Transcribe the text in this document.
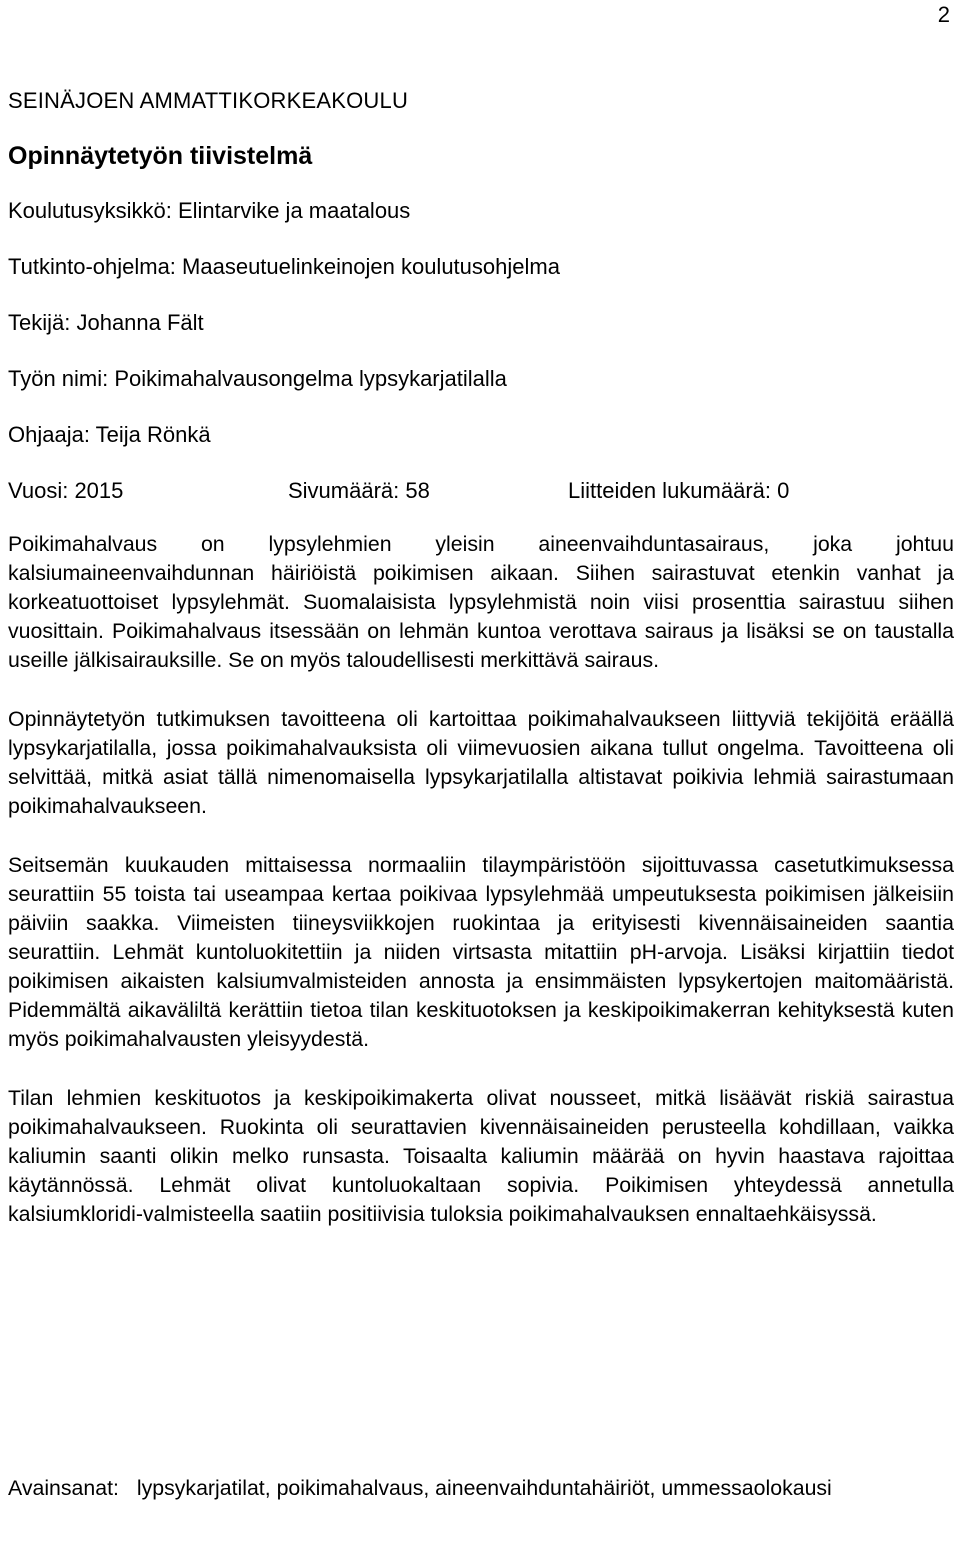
2

SEINÄJOEN AMMATTIKORKEAKOULU

Opinnäytetyön tiivistelmä

Koulutusyksikkö: Elintarvike ja maatalous

Tutkinto-ohjelma: Maaseutuelinkeinojen koulutusohjelma

Tekijä: Johanna Fält

Työn nimi: Poikimahalvausongelma lypsykarjatilalla

Ohjaaja: Teija Rönkä

Vuosi: 2015	Sivumäärä: 58	Liitteiden lukumäärä: 0

Poikimahalvaus on lypsylehmien yleisin aineenvaihduntasairaus, joka johtuu kalsiumaineenvaihdunnan häiriöistä poikimisen aikaan. Siihen sairastuvat etenkin vanhat ja korkeatuottoiset lypsylehmät. Suomalaisista lypsylehmistä noin viisi prosenttia sairastuu siihen vuosittain. Poikimahalvaus itsessään on lehmän kuntoa verottava sairaus ja lisäksi se on taustalla useille jälkisairauksille. Se on myös taloudellisesti merkittävä sairaus.

Opinnäytetyön tutkimuksen tavoitteena oli kartoittaa poikimahalvaukseen liittyviä tekijöitä eräällä lypsykarjatilalla, jossa poikimahalvauksista oli viimevuosien aikana tullut ongelma. Tavoitteena oli selvittää, mitkä asiat tällä nimenomaisella lypsykarjatilalla altistavat poikivia lehmiä sairastumaan poikimahalvaukseen.

Seitsemän kuukauden mittaisessa normaaliin tilaympäristöön sijoittuvassa casetutkimuksessa seurattiin 55 toista tai useampaa kertaa poikivaa lypsylehmää umpeutuksesta poikimisen jälkeisiin päiviin saakka. Viimeisten tiineysviikkojen ruokintaa ja erityisesti kivennäisaineiden saantia seurattiin. Lehmät kuntoluokitettiin ja niiden virtsasta mitattiin pH-arvoja. Lisäksi kirjattiin tiedot poikimisen aikaisten kalsiumvalmisteiden annosta ja ensimmäisten lypsykertojen maitomääristä. Pidemmältä aikaväliltä kerättiin tietoa tilan keskituotoksen ja keskipoikimakerran kehityksestä kuten myös poikimahalvausten yleisyydestä.

Tilan lehmien keskituotos ja keskipoikimakerta olivat nousseet, mitkä lisäävät riskiä sairastua poikimahalvaukseen. Ruokinta oli seurattavien kivennäisaineiden perusteella kohdillaan, vaikka kaliumin saanti olikin melko runsasta. Toisaalta kaliumin määrää on hyvin haastava rajoittaa käytännössä. Lehmät olivat kuntoluokaltaan sopivia. Poikimisen yhteydessä annetulla kalsiumkloridi-valmisteella saatiin positiivisia tuloksia poikimahalvauksen ennaltaehkäisyssä.

Avainsanat: lypsykarjatilat, poikimahalvaus, aineenvaihduntahäiriöt, ummessaolokausi
